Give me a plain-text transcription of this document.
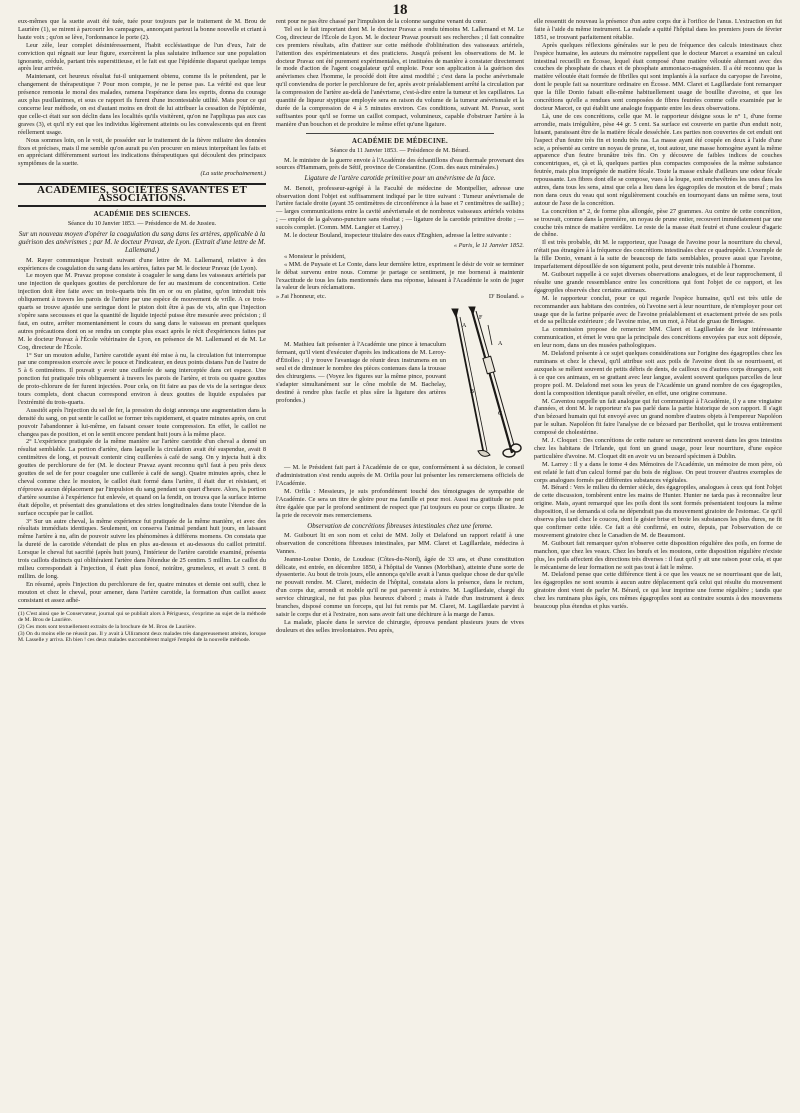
18

eux-mêmes que la suette avait été tuée, tuée pour toujours par le traitement de M. Brou de Laurière (1), se mirent à parcourir les campagnes, annonçant partout la bonne nouvelle et criant à haute voix ; qu'on se lève, l'ordonnance le porte (2).

Leur zèle, leur complet désintéressement, l'habit ecclésiastique de l'un d'eux, l'air de conviction qui régnait sur leur figure, exercèrent la plus salutaire influence sur une population ignorante, crédule, partant très superstitieuse, et le fait est que l'épidémie disparut quelque temps après leur arrivée.

Maintenant, cet heureux résultat fut-il uniquement obtenu, comme ils le prétendent, par le changement de thérapeutique ? Pour mon compte, je ne le pense pas. La vérité est que leur présence remonta le moral des malades, ramena l'espérance dans les esprits, donna du courage aux plus pusillanimes, et sous ce rapport ils furent d'une incontestable utilité. Mais pour ce qui concerne leur méthode, on est d'autant moins en droit de lui attribuer la cessation de l'épidémie, que celle-ci était sur son déclin dans les localités qu'ils visitèrent, qu'on ne l'appliqua pas aux cas graves (3), et qu'il n'y eut que les individus légèrement atteints ou les convalescents qui en firent réellement usage.

Nous sommes loin, on le voit, de posséder sur le traitement de la fièvre miliaire des données fixes et précises, mais il me semble qu'on aurait pu s'en procurer en mieux interprétant les faits et en appréciant différemment surtout les indications thérapeutiques qui découlent des principaux symptômes de la suette.

(La suite prochainement.)
ACADÉMIES, SOCIÉTÉS SAVANTES ET ASSOCIATIONS.
ACADÉMIE DES SCIENCES.
Séance du 10 Janvier 1853. — Présidence de M. de Jussieu.
Sur un nouveau moyen d'opérer la coagulation du sang dans les artères, applicable à la guérison des anévrismes ; par M. le docteur Pravaz, de Lyon. (Extrait d'une lettre de M. Lallemand.)

M. Rayer communique l'extrait suivant d'une lettre de M. Lallemand, relative à des expériences de coagulation du sang dans les artères, faites par M. le docteur Pravaz (de Lyon).

Le moyen que M. Pravaz propose consiste à coaguler le sang dans les vaisseaux artériels par une injection de quelques gouttes de perchlorure de fer au maximum de concentration. Cette injection doit être faite avec un trois-quarts très fin en or ou en platine, qu'on introduit très obliquement à travers les parois de l'artère par une espèce de mouvement de vrille. A ce trois-quarts se trouve ajustée une seringue dont le piston doit être à pas de vis, afin que l'injection s'opère sans secousses et que la quantité de liquide injecté puisse être mesurée avec précision ; il faut, en outre, arrêter momentanément le cours du sang dans le vaisseau en prenant quelques autres précautions dont on se rendra un compte plus exact après le récit d'expériences faites par M. le docteur Pravaz à l'École vétérinaire de Lyon, en présence de M. Lallemand et de M. Le Coq, directeur de l'École.

1° Sur un mouton adulte, l'artère carotide ayant été mise à nu, la circulation fut interrompue par une compression exercée avec le pouce et l'indicateur, en deux points distans l'un de l'autre de 5 à 6 centimètres. Il pouvait y avoir une cuillerée de sang interceptée dans cet espace. Une ponction fut pratiquée très obliquement à travers les parois de l'artère, et trois ou quatre gouttes de proto-chlorure de fer furent injectées. Pour cela, on fit faire au pas de vis de la seringue deux tours complets, dont chacun correspond environ à deux gouttes de liquide expulsées par l'extrémité du trois-quarts.

Aussitôt après l'injection du sel de fer, la pression du doigt annonça une augmentation dans la densité du sang, on put sentir le caillot se former très rapidement, et quatre minutes après, on crut pouvoir l'abandonner à lui-même, en faisant cesser toute compression. En effet, le caillot ne changea pas de position, et on le sentit encore pendant huit jours à la même place.

2° L'expérience pratiquée de la même manière sur l'artère carotide d'un cheval a donné un résultat semblable. La portion d'artère, dans laquelle la circulation avait été suspendue, avait 8 centimètres de long, et pouvait contenir cinq cuillerées à café de sang. On y injecta huit à dix gouttes de perchlorure de fer (M. le docteur Pravaz ayant reconnu qu'il faut à peu près deux gouttes de sel de fer pour coaguler une cuillerée à café de sang). Quatre minutes après, chez le cheval comme chez le mouton, le caillot était formé dans l'artère, il était dur et résistant, et n'éprouva aucun déplacement par l'impulsion du sang pendant un quart d'heure. Alors, la portion d'artère soumise à l'expérience fut enlevée, et quand on la fendit, on trouva que la surface interne était dépolie, et présentait des granulations et des stries longitudinales dans toute l'étendue de la surface occupée par le caillot.

3° Sur un autre cheval, la même expérience fut pratiquée de la même manière, et avec des résultats immédiats identiques. Seulement, on conserva l'animal pendant huit jours, en laissant même l'artère à nu, afin de pouvoir suivre les phénomènes à différens momens. On constata que la dureté de la carotide s'étendait de plus en plus au-dessus et au-dessous du caillot primitif. Lorsque le cheval fut sacrifié (après huit jours), l'intérieur de l'artère carotide examiné, présenta trois caillots distincts qui oblitéraient l'artère dans l'étendue de 25 centim. 5 millim. Le caillot du milieu correspondait à l'injection, il était plus foncé, noirâtre, grumeleux, et avait 3 cent. 8 millim. de long.

En résumé, après l'injection du perchlorure de fer, quatre minutes et demie ont suffi, chez le mouton et chez le cheval, pour amener, dans l'artère carotide, la formation d'un caillot assez consistant et assez adhé-

(1) C'est ainsi que le Conservateur, journal qui se publiait alors à Périgueux, s'exprime au sujet de la méthode de M. Brou de Laurière.

(2) Ces mots sont textuellement extraits de la brochure de M. Brou de Laurière.

(3) On du moins elle ne réussit pas. Il y avait à Ulliramont deux malades très dangereusement atteints, lorsque M. Lasselle y arriva. Eh bien ! ces deux malades succombèrent malgré l'emploi de la nouvelle méthode.

rent pour ne pas être chassé par l'impulsion de la colonne sanguine venant du cœur.

Tel est le fait important dont M. le docteur Pravaz a rendu témoins M. Lallemand et M. Le Coq, directeur de l'École de Lyon. M. le docteur Pravaz poursuit ses recherches ; il fait connaître ces premiers résultats, afin d'attirer sur cette méthode d'oblitération des vaisseaux artériels, l'attention des expérimentateurs et des praticiens. Jusqu'à présent les observations de M. le docteur Pravaz ont été purement expérimentales, et instituées de manière à constater directement le mode d'action de l'agent coagulateur qu'il emploie. Pour son application à la guérison des anévrismes chez l'homme, le procédé doit être ainsi modifié ; c'est dans la poche anévrismale qu'il conviendra de porter le perchlorure de fer, après avoir préalablement arrêté la circulation par la compression de l'artère au-delà de l'anévrisme, c'est-à-dire entre la tumeur et les capillaires. La quantité de liqueur styptique employée sera en raison du volume de la tumeur anévrismale et la durée de la compression de 4 à 5 minutes environ. Ces conditions, suivant M. Pravaz, sont suffisantes pour qu'il se forme un caillot compact, volumineux, capable d'obstruer l'artère à la manière d'un bouchon et de produire le même effet qu'une ligature.

ACADÉMIE DE MÉDECINE.
Séance du 11 Janvier 1853. — Présidence de M. Bérard.

M. le ministre de la guerre envoie à l'Académie des échantillons d'eau thermale provenant des sources d'Hammam, près de Sétif, province de Constantine. (Com. des eaux minérales.)

Ligature de l'artère carotide primitive pour un anévrisme de la face.

M. Benoit, professeur-agrégé à la Faculté de médecine de Montpellier, adresse une observation dont l'objet est suffisamment indiqué par le titre suivant : Tumeur anévrismale de l'artère faciale droite (ayant 35 centimètres de circonférence à la base et 7 centimètres de saillie) ; — larges communications entre la cavité anévrismale et de nombreux vaisseaux artériels voisins ; — emploi de la galvano-puncture sans résultat ; — ligature de la carotide primitive droite ; — succès complet. (Comm. MM. Langier et Larrey.)

M. le docteur Bouland, inspecteur titulaire des eaux d'Enghien, adresse la lettre suivante :

« Paris, le 11 Janvier 1852.

« Monsieur le président,

« MM. de Puysaie et Le Conte, dans leur dernière lettre, expriment le désir de voir se terminer le débat survenu entre nous. Comme je partage ce sentiment, je me bornerai à maintenir l'exactitude de tous les faits mentionnés dans ma réponse, laissant à l'Académie le soin de juger la valeur de leurs réclamations.

» J'ai l'honneur, etc.	D' Bouland. »
F
A
A
B
C

M. Mathieu fait présenter à l'Académie une pince à tenaculum fermant, qu'il vient d'exécuter d'après les indications de M. Leroy-d'Étiolles ; il y trouve l'avantage de réunir deux instrumens en un seul et de diminuer le nombre des pièces contenues dans la trousse des chirurgiens. — (Voyez les figures sur la même pince, pouvant s'adapter simultanément sur le cône mobile de M. Bachelay, destiné à rendre plus facile et plus sûre la ligature des artères profondes.)

— M. le Président fait part à l'Académie de ce que, conformément à sa décision, le conseil d'administration s'est rendu auprès de M. Orfila pour lui présenter les remerciemens officiels de l'Académie.

M. Orfila : Messieurs, je suis profondément touché des témoignages de sympathie de l'Académie. Ce sera un titre de gloire pour ma famille et pour moi. Aussi ma gratitude ne peut être égalée que par le profond sentiment de respect que j'ai toujours eu pour ce corps illustre. Je la prie de recevoir mes remerciemens.

Observation de concrétions fibreuses intestinales chez une femme.

M. Guibourt lit en son nom et celui de MM. Jolly et Delafond un rapport relatif à une observation de concrétions fibreuses intestinales, par MM. Claret et Lagillardaie, médecins à Vannes.

Jeanne-Louise Donio, de Loudeac (Côtes-du-Nord), âgée de 33 ans, et d'une constitution délicate, est entrée, en décembre 1850, à l'hôpital de Vannes (Morbihan), atteinte d'une sorte de dyssenterie. Au bout de trois jours, elle annonça qu'elle avait à l'anus quelque chose de dur qu'elle ne pouvait rendre. M. Claret, médecin de l'hôpital, constata alors la présence, dans le rectum, d'un corps dur, arrondi et mobile qu'il ne put parvenir à extraire. M. Lagillardaie, chargé du service chirurgical, ne fut pas plus heureux d'abord ; mais à l'aide d'un instrument à deux branches, disposé comme un forceps, qui lui fut remis par M. Claret, M. Lagillardaie parvint à saisir le corps dur et à l'extraire, non sans avoir fait une déchirure à la marge de l'anus.

La malade, placée dans le service de chirurgie, éprouva pendant plusieurs jours de vives douleurs et des selles involontaires. Peu après,

elle ressentit de nouveau la présence d'un autre corps dur à l'orifice de l'anus. L'extraction en fut faite à l'aide du même instrument. La malade a quitté l'hôpital dans les premiers jours de février 1851, se trouvant parfaitement rétablie.

Après quelques réflexions générales sur le peu de fréquence des calculs intestinaux chez l'espèce humaine, les auteurs du mémoire rappellent que le docteur Marcet a examiné un calcul intestinal recueilli en Écosse, lequel était composé d'une matière véloutée alternant avec des couches de phosphate de chaux et de phosphate ammoniaco-magnésien. Il a été reconnu que la matière véloutée était formée de fibrilles qui sont implantés à la surface du caryopse de l'avoine, dont le peuple fait sa nourriture ordinaire en Écosse. MM. Claret et Lagillardaie font remarquer que la fille Donio faisait elle-même habituellement usage de bouillie d'avoine, et que les concrétions qu'elle a rendues sont composées de fibres feutrées comme celle examinée par le docteur Marcet, ce qui établit une analogie frappante entre les deux observations.

Là, une de ces concrétions, celle que M. le rapporteur désigne sous le n° 1, d'une forme arrondie, mais irrégulière, pèse 44 gr. 5 cent. Sa surface est couverte en partie d'un enduit noir, luisant, paraissant être de la matière fécale desséchée. Les parties non couvertes de cet enduit ont l'aspect d'un feutre très fin et tondu très ras. La masse ayant été coupée en deux à l'aide d'une scie, a présenté au centre un noyau de prune, et, tout autour, une masse homogène ayant la même apparence d'un feutre brunâtre très fin. On y découvre de faibles indices de couches concentriques, et, çà et là, quelques parties plus compactes composées de la même substance feutrée, mais plus imprégnée de matière fécale. Toute la masse exhale d'ailleurs une odeur fécale repoussante. Les fibres dont elle se compose, vues à la loupe, sont enchevêtrées les unes dans les autres, dans tous les sens, ainsi que cela a lieu dans les égagropiles de mouton et de bœuf ; mais non dans ceux du veau qui sont régulièrement couchés en tournoyant dans un même sens, tout autour de l'axe de la concrétion.

La concrétion n° 2, de forme plus allongée, pèse 27 grammes. Au centre de cette concrétion, se trouvait, comme dans la première, un noyau de prune entier, recouvert immédiatement par une couche très mince de matière verdâtre. Le reste de la masse était feutré et d'une couleur d'agaric de chêne.

Il est très probable, dit M. le rapporteur, que l'usage de l'avoine pour la nourriture du cheval, n'était pas étrangère à la fréquence des concrétions intestinales chez ce quadrupède. L'exemple de la fille Donio, venant à la suite de beaucoup de faits semblables, prouve aussi que l'avoine, imparfaitement dépouillée de son tégument poilu, peut devenir très nuisible à l'homme.

M. Guibourt rappelle à ce sujet diverses observations analogues, et de leur rapprochement, il résulte une grande ressemblance entre les concrétions qui font l'objet de ce rapport, et les égagropiles observés chez certains animaux.

M. le rapporteur conclut, pour ce qui regarde l'espèce humaine, qu'il est très utile de recommander aux habitans des contrées, où l'avoine sert à leur nourriture, de n'employer pour cet usage que de la farine préparée avec de l'avoine préalablement et exactement privée de ses poils et de sa pellicule extérieure ; de l'avoine mise, en un mot, à l'état de gruau de Bretagne.

La commission propose de remercier MM. Claret et Lagillardaie de leur intéressante communication, et émet le vœu que la principale des concrétions envoyées par eux soit déposée, en leur nom, dans un des musées pathologiques.

M. Delafond présente à ce sujet quelques considérations sur l'origine des égagropiles chez les ruminans et chez le cheval, qu'il attribue soit aux poils de l'avoine dont ils se nourrissent, et auxquels se mêlent souvent de petits débris de dents, de cailloux ou d'autres corps étrangers, soit à ce que ces animaux, en se grattant avec leur langue, avalent souvent quelques parcelles de leur propre poil. M. Delafond met sous les yeux de l'Académie un grand nombre de ces égagropiles, dont la composition identique paraît révéler, en effet, une origine commune.

M. Caventou rappelle un fait analogue qui fut communiqué à l'Académie, il y a une vingtaine d'années, et dont M. le rapporteur n'a pas parlé dans la partie historique de son rapport. Il s'agit d'un bézoard humain qui fut envoyé avec un grand nombre d'autres objets à l'empereur Napoléon par le sultan. Napoléon fit faire l'analyse de ce bézoard par Berthollet, qui le trouva entièrement composé de cholestérine.

M. J. Cloquet : Des concrétions de cette nature se rencontrent souvent dans les gros intestins chez les habitans de l'Irlande, qui font un grand usage, pour leur nourriture, d'une espèce particulière d'avoine. M. Cloquet dit en avoir vu un bezoard spécimen à Dublin.

M. Larrey : Il y a dans le tome 4 des Mémoires de l'Académie, un mémoire de mon père, où est relaté le fait d'un calcul formé par du bois de réglisse. On peut trouver d'autres exemples de corps analogues formés par différentes substances végétales.

M. Bérard : Vers le milieu du dernier siècle, des égagropiles, analogues à ceux qui font l'objet de cette discussion, tombèrent entre les mains de Hunter. Hunter ne tarda pas à reconnaître leur origine. Mais, ayant remarqué que les poils dont ils sont formés présentaient toujours la même disposition, il se demanda si cela ne dépendrait pas du mouvement giratoire de l'estomac. Ce qu'il observa plus tard chez le coucou, dont le gésier brise et broie les substances les plus dures, ne fit que confirmer cette idée. Ce fait a été confirmé, en outre, depuis, par l'observation de ce mouvement giratoire chez le Canadien de M. de Beaumont.

M. Guibourt fait remarquer qu'on n'observe cette disposition régulière des poils, en forme de manchon, que chez les veaux. Chez les bœufs et les moutons, cette disposition régulière n'existe plus, les poils affectent des directions très diverses : il faut qu'il y ait une raison pour cela, et que le mécanisme de leur formation ne soit pas tout à fait le même.

M. Delafond pense que cette différence tient à ce que les veaux ne se nourrissant que de lait, les égagropiles ne sont soumis à aucun autre déplacement qu'à celui qui résulte du mouvement giratoire dont vient de parler M. Bérard, ce qui leur imprime une forme régulière ; tandis que chez les ruminans plus âgés, ces mêmes égagropiles sont au contraire soumis à des mouvemens beaucoup plus étendus et plus variés.
